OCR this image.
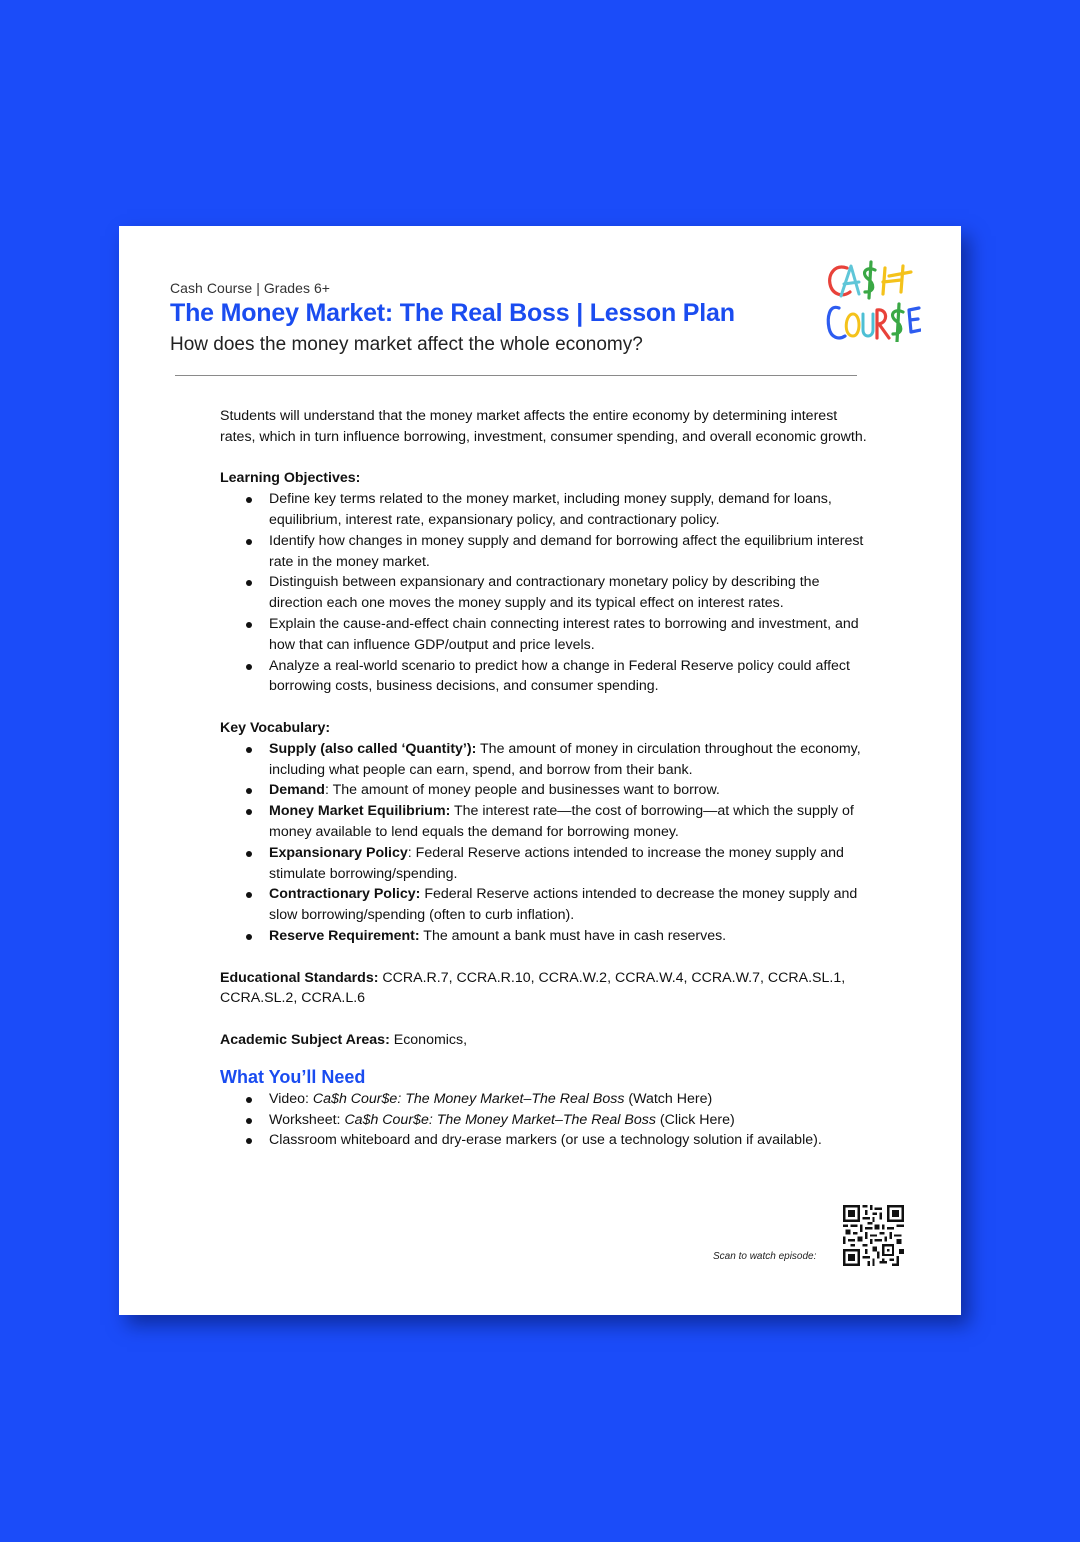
Cash Course | Grades 6+
The Money Market: The Real Boss | Lesson Plan
How does the money market affect the whole economy?

Students will understand that the money market affects the entire economy by determining interest rates, which in turn influence borrowing, investment, consumer spending, and overall economic growth.

Learning Objectives:

Define key terms related to the money market, including money supply, demand for loans, equilibrium, interest rate, expansionary policy, and contractionary policy.
Identify how changes in money supply and demand for borrowing affect the equilibrium interest rate in the money market.
Distinguish between expansionary and contractionary monetary policy by describing the direction each one moves the money supply and its typical effect on interest rates.
Explain the cause-and-effect chain connecting interest rates to borrowing and investment, and how that can influence GDP/output and price levels.
Analyze a real-world scenario to predict how a change in Federal Reserve policy could affect borrowing costs, business decisions, and consumer spending.

Key Vocabulary:

Supply (also called ‘Quantity’): The amount of money in circulation throughout the economy, including what people can earn, spend, and borrow from their bank.
Demand: The amount of money people and businesses want to borrow.
Money Market Equilibrium: The interest rate—the cost of borrowing—at which the supply of money available to lend equals the demand for borrowing money.
Expansionary Policy: Federal Reserve actions intended to increase the money supply and stimulate borrowing/spending.
Contractionary Policy: Federal Reserve actions intended to decrease the money supply and slow borrowing/spending (often to curb inflation).
Reserve Requirement: The amount a bank must have in cash reserves.

Educational Standards: CCRA.R.7, CCRA.R.10, CCRA.W.2, CCRA.W.4, CCRA.W.7, CCRA.SL.1, CCRA.SL.2, CCRA.L.6

Academic Subject Areas: Economics,

What You’ll Need
Video: Ca$h Cour$e: The Money Market–The Real Boss (Watch Here)
Worksheet: Ca$h Cour$e: The Money Market–The Real Boss (Click Here)
Classroom whiteboard and dry-erase markers (or use a technology solution if available).
Scan to watch episode:
